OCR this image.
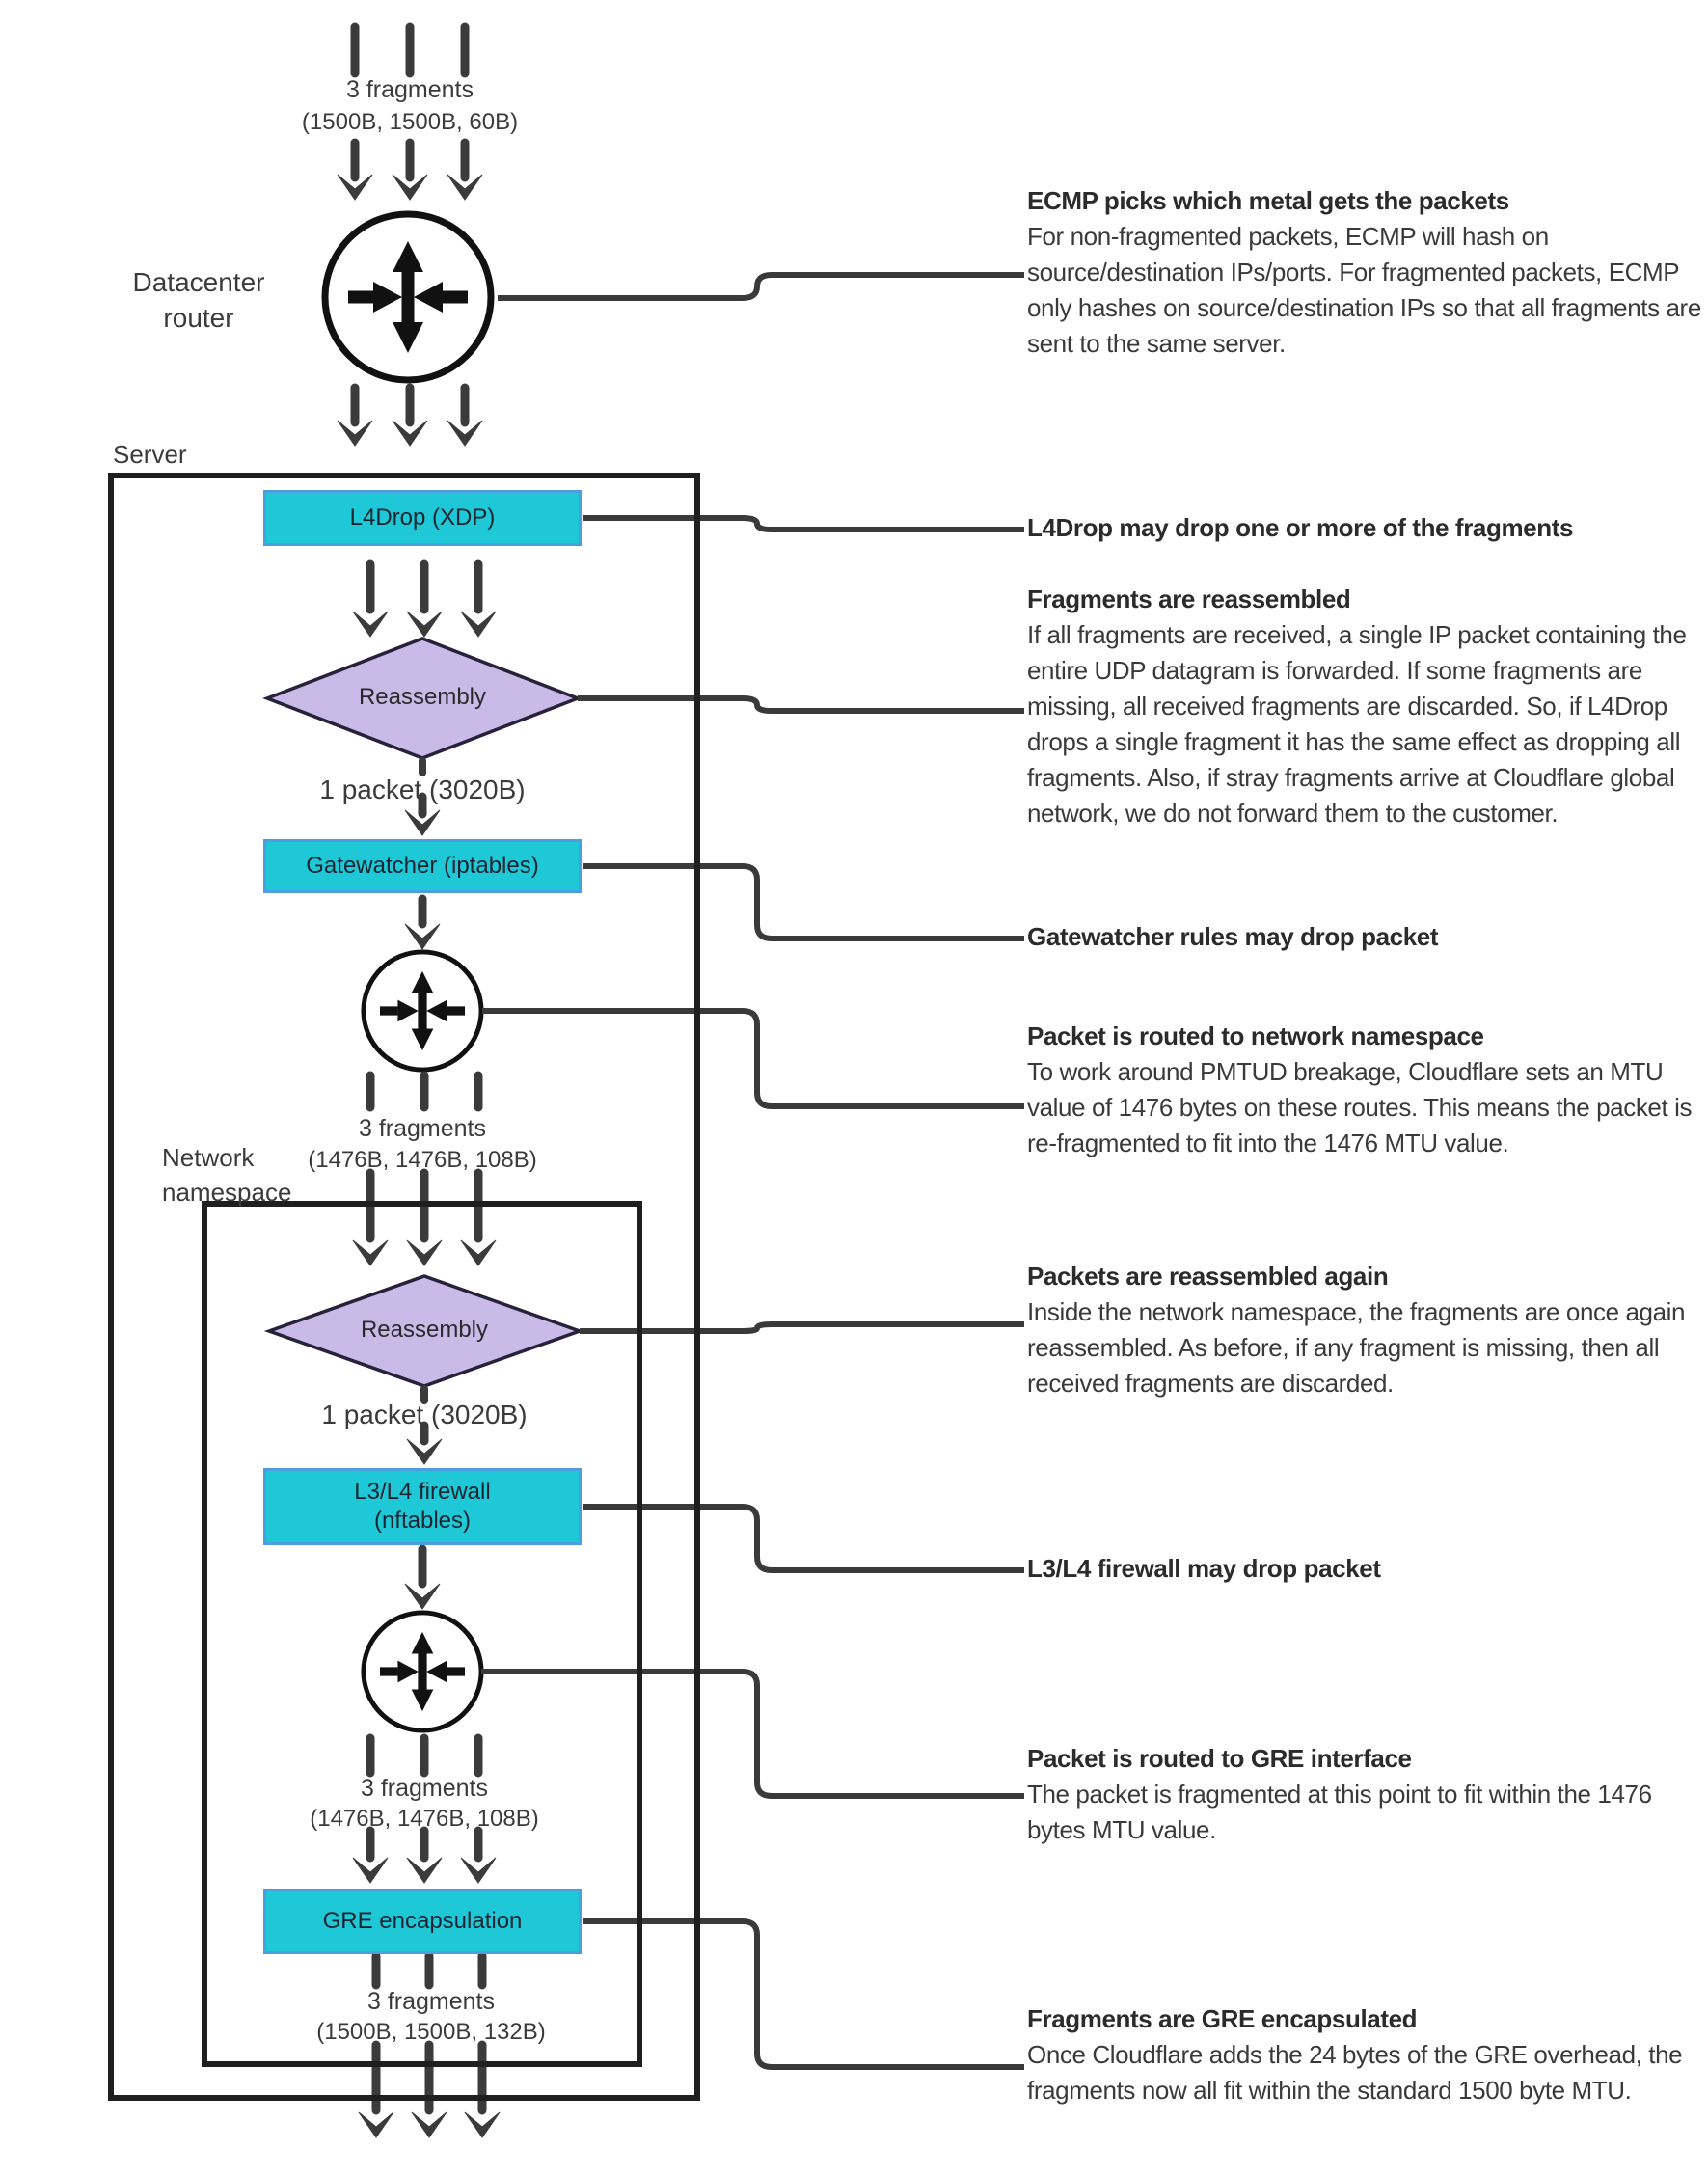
L4Drop (XDP)
Gatewatcher (iptables)
L3/L4 firewall
(nftables)
GRE encapsulation
Reassembly
Reassembly
3 fragments
(1500B, 1500B, 60B)
Datacenter
router
Server
1 packet (3020B)
3 fragments
(1476B, 1476B, 108B)
Network
namespace
1 packet (3020B)
3 fragments
(1476B, 1476B, 108B)
3 fragments
(1500B, 1500B, 132B)
ECMP picks which metal gets the packets
For non-fragmented packets, ECMP will hash on source/destination IPs/ports. For fragmented packets, ECMP only hashes on source/destination IPs so that all fragments are sent to the same server.
L4Drop may drop one or more of the fragments
Fragments are reassembled
If all fragments are received, a single IP packet containing the entire UDP datagram is forwarded. If some fragments are missing, all received fragments are discarded. So, if L4Drop drops a single fragment it has the same effect as dropping all fragments. Also, if stray fragments arrive at Cloudflare global network, we do not forward them to the customer.
Gatewatcher rules may drop packet
Packet is routed to network namespace
To work around PMTUD breakage, Cloudflare sets an MTU value of 1476 bytes on these routes. This means the packet is re-fragmented to fit into the 1476 MTU value.
Packets are reassembled again
Inside the network namespace, the fragments are once again reassembled. As before, if any fragment is missing, then all received fragments are discarded.
L3/L4 firewall may drop packet
Packet is routed to GRE interface
The packet is fragmented at this point to fit within the 1476 bytes MTU value.
Fragments are GRE encapsulated
Once Cloudflare adds the 24 bytes of the GRE overhead, the fragments now all fit within the standard 1500 byte MTU.
